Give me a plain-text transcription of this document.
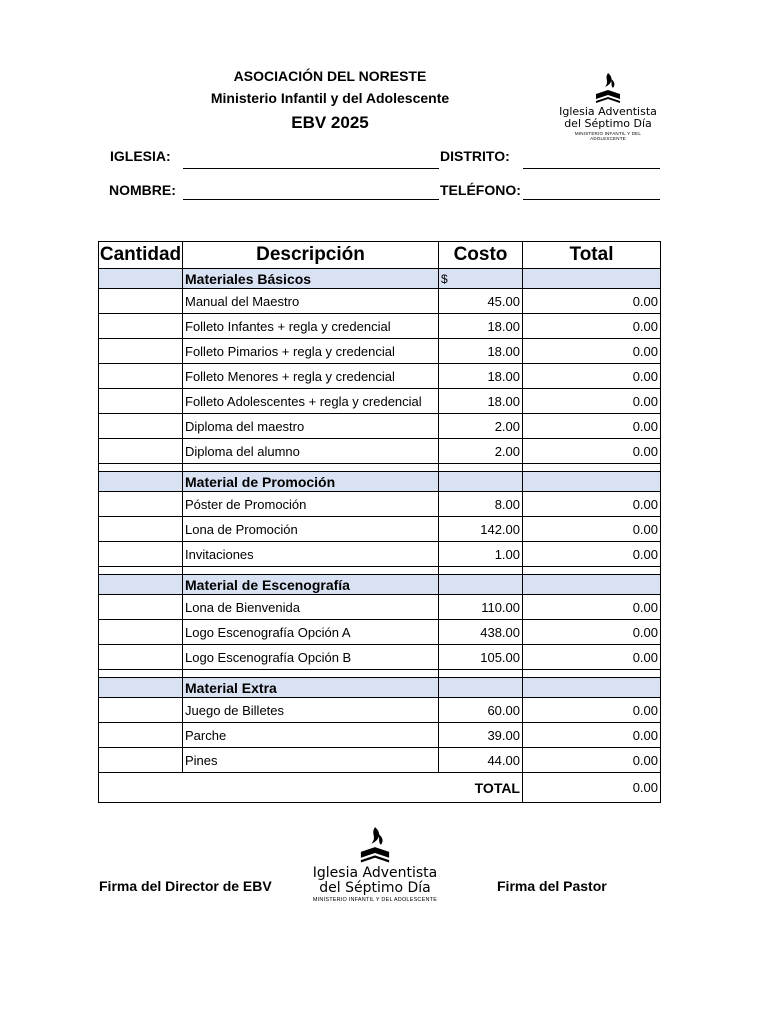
ASOCIACIÓN DEL NORESTE
Ministerio Infantil y del Adolescente
EBV 2025
Iglesia Adventista
del Séptimo Día
MINISTERIO INFANTIL Y DEL ADOLESCENTE
IGLESIA:	DISTRITO:
NOMBRE:	TELÉFONO:
Cantidad	Descripción	Costo	Total
	Materiales Básicos	$	
	Manual del Maestro	45.00	0.00
	Folleto Infantes + regla y credencial	18.00	0.00
	Folleto Pimarios + regla y credencial	18.00	0.00
	Folleto Menores + regla y credencial	18.00	0.00
	Folleto Adolescentes + regla y credencial	18.00	0.00
	Diploma del maestro	2.00	0.00
	Diploma del alumno	2.00	0.00

	Material de Promoción		
	Póster de Promoción	8.00	0.00
	Lona de Promoción	142.00	0.00
	Invitaciones	1.00	0.00

	Material de Escenografía		
	Lona de Bienvenida	110.00	0.00
	Logo Escenografía Opción A	438.00	0.00
	Logo Escenografía Opción B	105.00	0.00

	Material Extra		
	Juego de Billetes	60.00	0.00
	Parche	39.00	0.00
	Pines	44.00	0.00
TOTAL			0.00
Firma del Director de EBV	Firma del Pastor
Iglesia Adventista
del Séptimo Día
MINISTERIO INFANTIL Y DEL ADOLESCENTE
